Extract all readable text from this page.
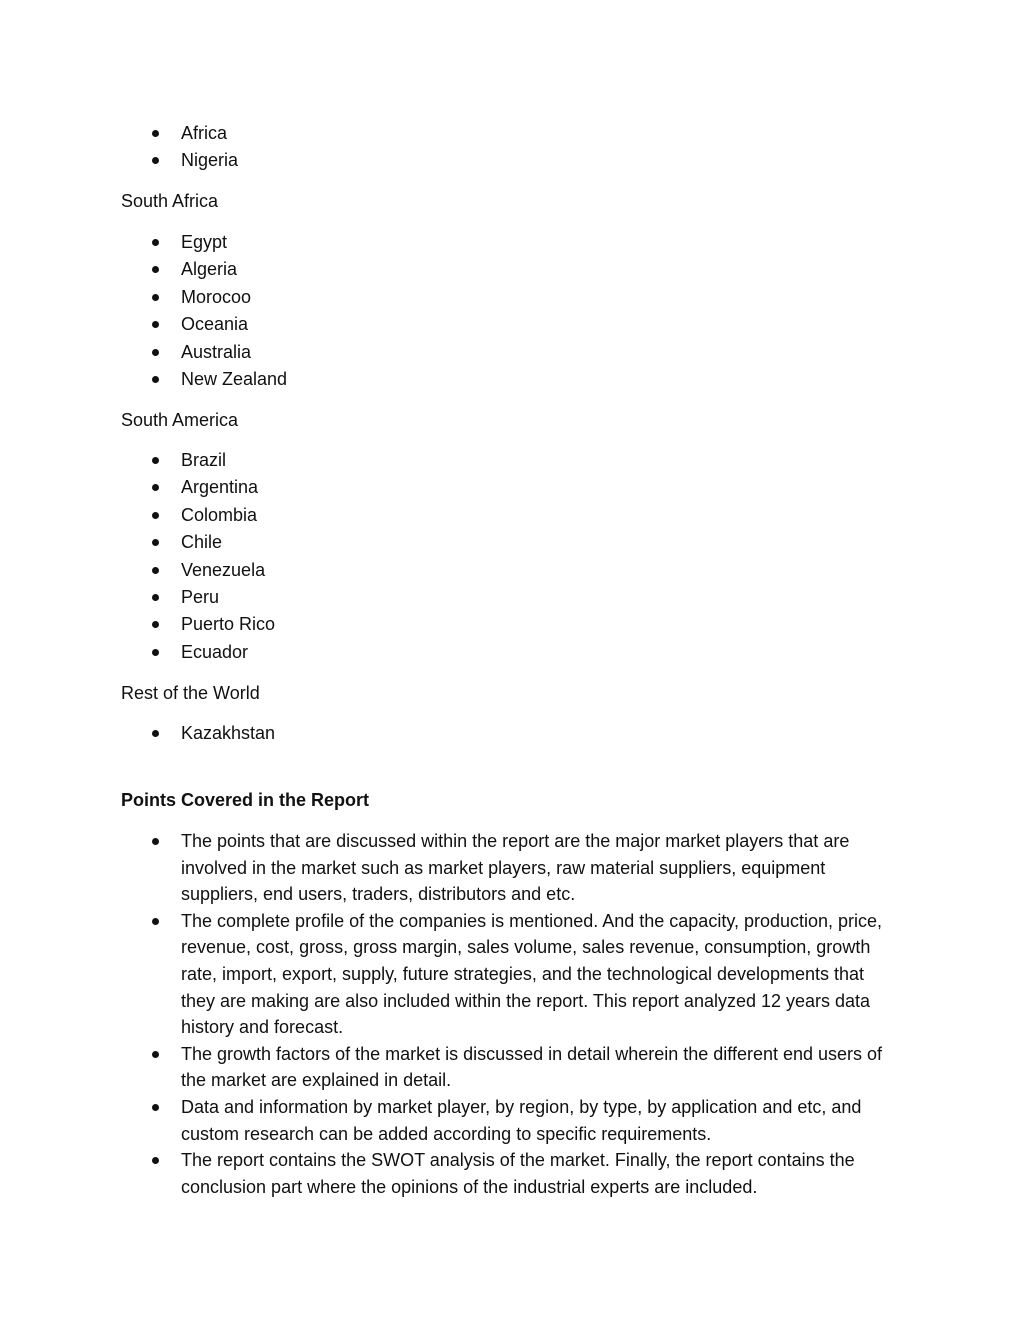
Africa
Nigeria

South Africa

Egypt
Algeria
Morocoo
Oceania
Australia
New Zealand

South America

Brazil
Argentina
Colombia
Chile
Venezuela
Peru
Puerto Rico
Ecuador

Rest of the World

Kazakhstan

Points Covered in the Report

The points that are discussed within the report are the major market players that are involved in the market such as market players, raw material suppliers, equipment suppliers, end users, traders, distributors and etc.
The complete profile of the companies is mentioned. And the capacity, production, price, revenue, cost, gross, gross margin, sales volume, sales revenue, consumption, growth rate, import, export, supply, future strategies, and the technological developments that they are making are also included within the report. This report analyzed 12 years data history and forecast.
The growth factors of the market is discussed in detail wherein the different end users of the market are explained in detail.
Data and information by market player, by region, by type, by application and etc, and custom research can be added according to specific requirements.
The report contains the SWOT analysis of the market. Finally, the report contains the conclusion part where the opinions of the industrial experts are included.
